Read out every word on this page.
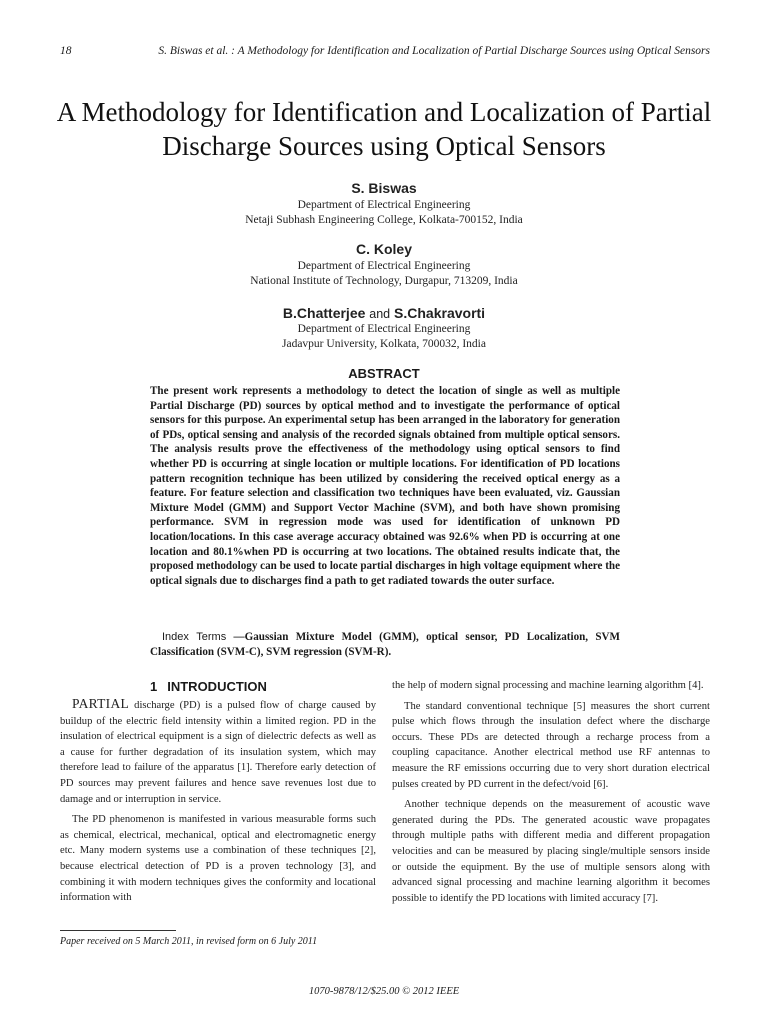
18	S. Biswas et al. : A Methodology for Identification and Localization of Partial Discharge Sources using Optical Sensors
A Methodology for Identification and Localization of Partial Discharge Sources using Optical Sensors
S. Biswas
Department of Electrical Engineering
Netaji Subhash Engineering College, Kolkata-700152, India
C. Koley
Department of Electrical Engineering
National Institute of Technology, Durgapur, 713209, India
B.Chatterjee and S.Chakravorti
Department of Electrical Engineering
Jadavpur University, Kolkata, 700032, India
ABSTRACT
The present work represents a methodology to detect the location of single as well as multiple Partial Discharge (PD) sources by optical method and to investigate the performance of optical sensors for this purpose. An experimental setup has been arranged in the laboratory for generation of PDs, optical sensing and analysis of the recorded signals obtained from multiple optical sensors. The analysis results prove the effectiveness of the methodology using optical sensors to find whether PD is occurring at single location or multiple locations. For identification of PD locations pattern recognition technique has been utilized by considering the received optical energy as a feature. For feature selection and classification two techniques have been evaluated, viz. Gaussian Mixture Model (GMM) and Support Vector Machine (SVM), and both have shown promising performance. SVM in regression mode was used for identification of unknown PD location/locations. In this case average accuracy obtained was 92.6% when PD is occurring at one location and 80.1%when PD is occurring at two locations. The obtained results indicate that, the proposed methodology can be used to locate partial discharges in high voltage equipment where the optical signals due to discharges find a path to get radiated towards the outer surface.
Index Terms —Gaussian Mixture Model (GMM), optical sensor, PD Localization, SVM Classification (SVM-C), SVM regression (SVM-R).
1 INTRODUCTION

PARTIAL discharge (PD) is a pulsed flow of charge caused by buildup of the electric field intensity within a limited region. PD in the insulation of electrical equipment is a sign of dielectric defects as well as a cause for further degradation of its insulation system, which may therefore lead to failure of the apparatus [1]. Therefore early detection of PD sources may prevent failures and hence save revenues lost due to damage and or interruption in service.

The PD phenomenon is manifested in various measurable forms such as chemical, electrical, mechanical, optical and electromagnetic energy etc. Many modern systems use a combination of these techniques [2], because electrical detection of PD is a proven technology [3], and combining it with modern techniques gives the conformity and locational information with

the help of modern signal processing and machine learning algorithm [4].

The standard conventional technique [5] measures the short current pulse which flows through the insulation defect where the discharge occurs. These PDs are detected through a recharge process from a coupling capacitance. Another electrical method use RF antennas to measure the RF emissions occurring due to very short duration electrical pulses created by PD current in the defect/void [6].

Another technique depends on the measurement of acoustic wave generated during the PDs. The generated acoustic wave propagates through multiple paths with different media and different propagation velocities and can be measured by placing single/multiple sensors inside or outside the equipment. By the use of multiple sensors along with advanced signal processing and machine learning algorithm it becomes possible to identify the PD locations with limited accuracy [7].

Paper received on 5 March 2011, in revised form on 6 July 2011
1070-9878/12/$25.00 © 2012 IEEE
